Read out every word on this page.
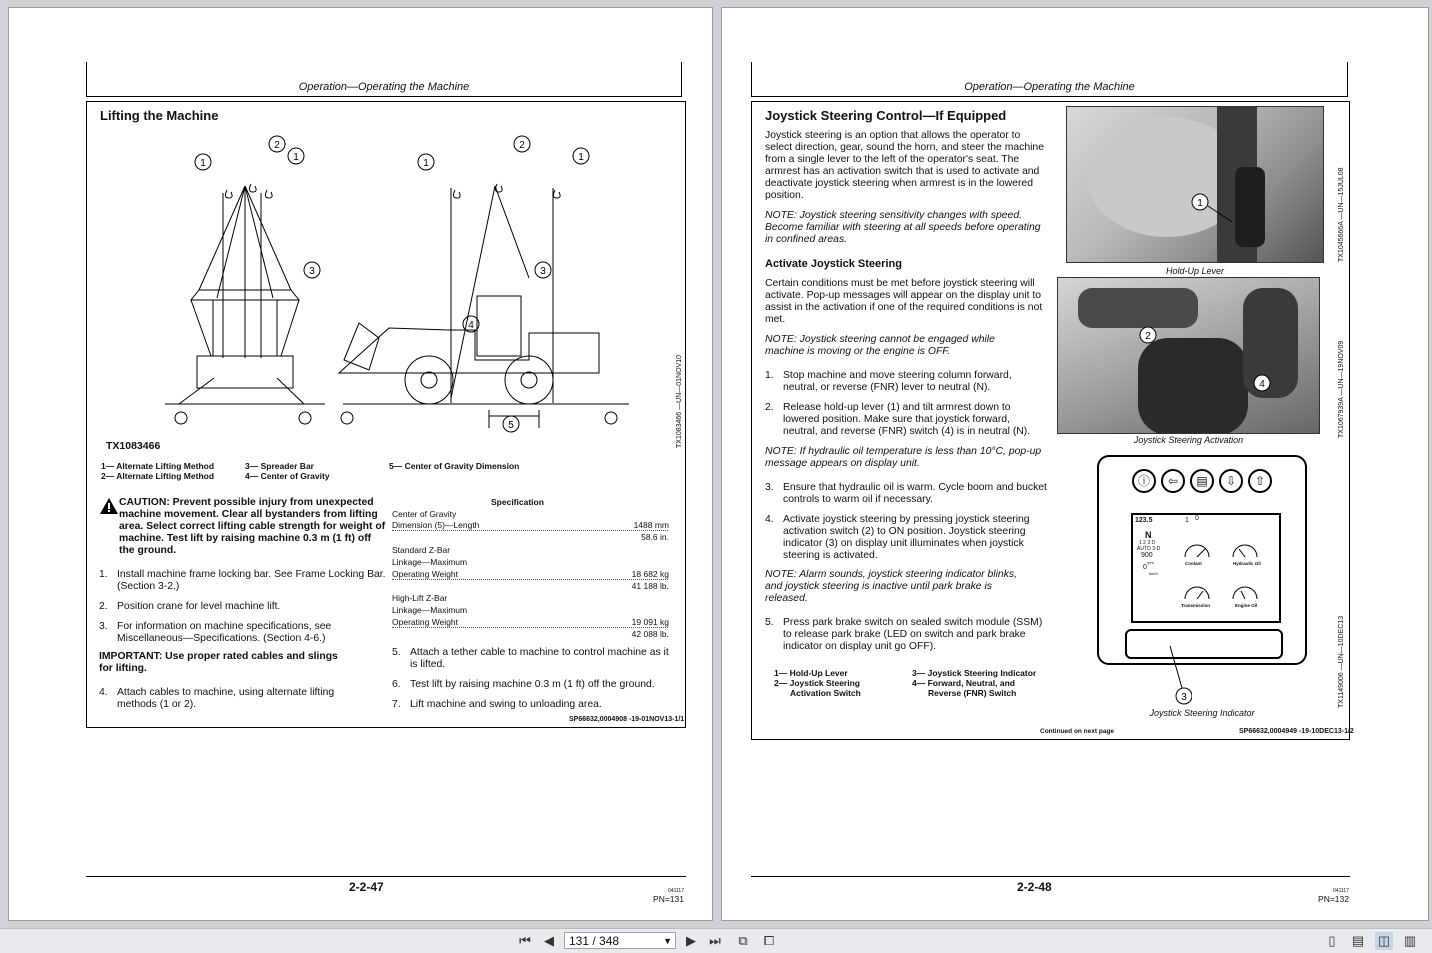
Operation—Operating the Machine
Lifting the Machine
1
2
1
3
1
2
1
3
4
5	TX1083466 —UN—01NOV10
TX1083466
1— Alternate Lifting Method
2— Alternate Lifting Method
3— Spreader Bar
4— Center of Gravity
5— Center of Gravity Dimension
CAUTION: Prevent possible injury from unexpected machine movement. Clear all bystanders from lifting area. Select correct lifting cable strength for weight of machine. Test lift by raising machine 0.3 m (1 ft) off the ground.
1. Install machine frame locking bar. See Frame Locking Bar. (Section 3-2.)
2. Position crane for level machine lift.
3. For information on machine specifications, see Miscellaneous—Specifications. (Section 4-6.)
IMPORTANT: Use proper rated cables and slings for lifting.
4. Attach cables to machine, using alternate lifting methods (1 or 2).
Specification
Center of Gravity
Dimension (5)—Length	1488 mm
58.6 in.
Standard Z-Bar
Linkage—Maximum
Operating Weight	18 682 kg
41 188 lb.
High-Lift Z-Bar
Linkage—Maximum
Operating Weight	19 091 kg
42 088 lb.
5. Attach a tether cable to machine to control machine as it is lifted.
6. Test lift by raising machine 0.3 m (1 ft) off the ground.
7. Lift machine and swing to unloading area.
SP66632,0004908 -19-01NOV13-1/1
2-2-47	041117
PN=131
Operation—Operating the Machine
Joystick Steering Control—If Equipped
Joystick steering is an option that allows the operator to select direction, gear, sound the horn, and steer the machine from a single lever to the left of the operator's seat. The armrest has an activation switch that is used to activate and deactivate joystick steering when armrest is in the lowered position.
NOTE: Joystick steering sensitivity changes with speed. Become familiar with steering at all speeds before operating in confined areas.
Activate Joystick Steering
Certain conditions must be met before joystick steering will activate. Pop-up messages will appear on the display unit to assist in the activation if one of the required conditions is not met.
NOTE: Joystick steering cannot be engaged while machine is moving or the engine is OFF.
1. Stop machine and move steering column forward, neutral, or reverse (FNR) lever to neutral (N).
2. Release hold-up lever (1) and tilt armrest down to lowered position. Make sure that joystick forward, neutral, and reverse (FNR) switch (4) is in neutral (N).
NOTE: If hydraulic oil temperature is less than 10°C, pop-up message appears on display unit.
3. Ensure that hydraulic oil is warm. Cycle boom and bucket controls to warm oil if necessary.
4. Activate joystick steering by pressing joystick steering activation switch (2) to ON position. Joystick steering indicator (3) on display unit illuminates when joystick steering is activated.
NOTE: Alarm sounds, joystick steering indicator blinks, and joystick steering is inactive until park brake is released.
5. Press park brake switch on sealed switch module (SSM) to release park brake (LED on switch and park brake indicator on display unit go OFF).
1— Hold-Up Lever
2— Joystick Steering
Activation Switch
3— Joystick Steering Indicator
4— Forward, Neutral, and
Reverse (FNR) Switch
1
Hold-Up Lever
TX1045666A —UN—15JUL08
2
4
Joystick Steering Activation
TX1067939A —UN—19NOV09
ⓘ	⇦	▤	⇩	⇧
123.5	1 0
N
1 2 3 D
AUTO 3-D
900
rpm
0
km/h
Coolant	Hydraulic Oil
Transmission	Engine Oil
3
Joystick Steering Indicator
TX1149006 —UN—10DEC13
Continued on next page	SP66632,0004949 -19-10DEC13-1/2
2-2-48	041117
PN=132
⏮	◀	131 / 348	▼	▶	⏭	⧉	⧠	▯	▤ ◫ ▥
